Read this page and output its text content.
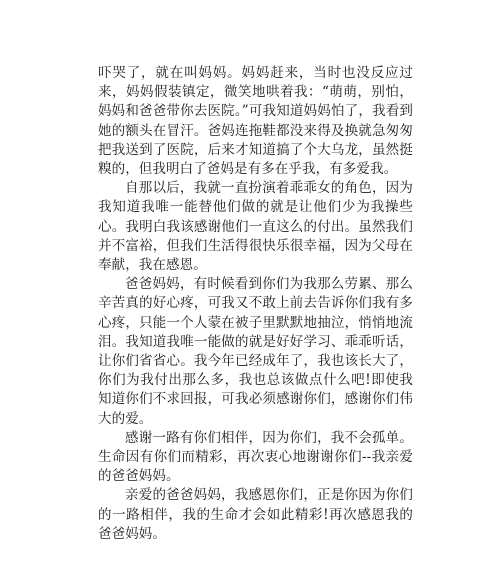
吓哭了，就在叫妈妈。妈妈赶来，当时也没反应过来，妈妈假装镇定，微笑地哄着我：“萌萌，别怕，妈妈和爸爸带你去医院。”可我知道妈妈怕了，我看到她的额头在冒汗。爸妈连拖鞋都没来得及换就急匆匆把我送到了医院，后来才知道搞了个大乌龙，虽然挺糗的，但我明白了爸妈是有多在乎我，有多爱我。

自那以后，我就一直扮演着乖乖女的角色，因为我知道我唯一能替他们做的就是让他们少为我操些心。我明白我该感谢他们一直这么的付出。虽然我们并不富裕，但我们生活得很快乐很幸福，因为父母在奉献，我在感恩。

爸爸妈妈，有时候看到你们为我那么劳累、那么辛苦真的好心疼，可我又不敢上前去告诉你们我有多心疼，只能一个人蒙在被子里默默地抽泣，悄悄地流泪。我知道我唯一能做的就是好好学习、乖乖听话，让你们省省心。我今年已经成年了，我也该长大了，你们为我付出那么多，我也总该做点什么吧!即使我知道你们不求回报，可我必须感谢你们，感谢你们伟大的爱。

感谢一路有你们相伴，因为你们，我不会孤单。生命因有你们而精彩，再次衷心地谢谢你们--我亲爱的爸爸妈妈。

亲爱的爸爸妈妈，我感恩你们，正是你因为你们的一路相伴，我的生命才会如此精彩!再次感恩我的爸爸妈妈。
